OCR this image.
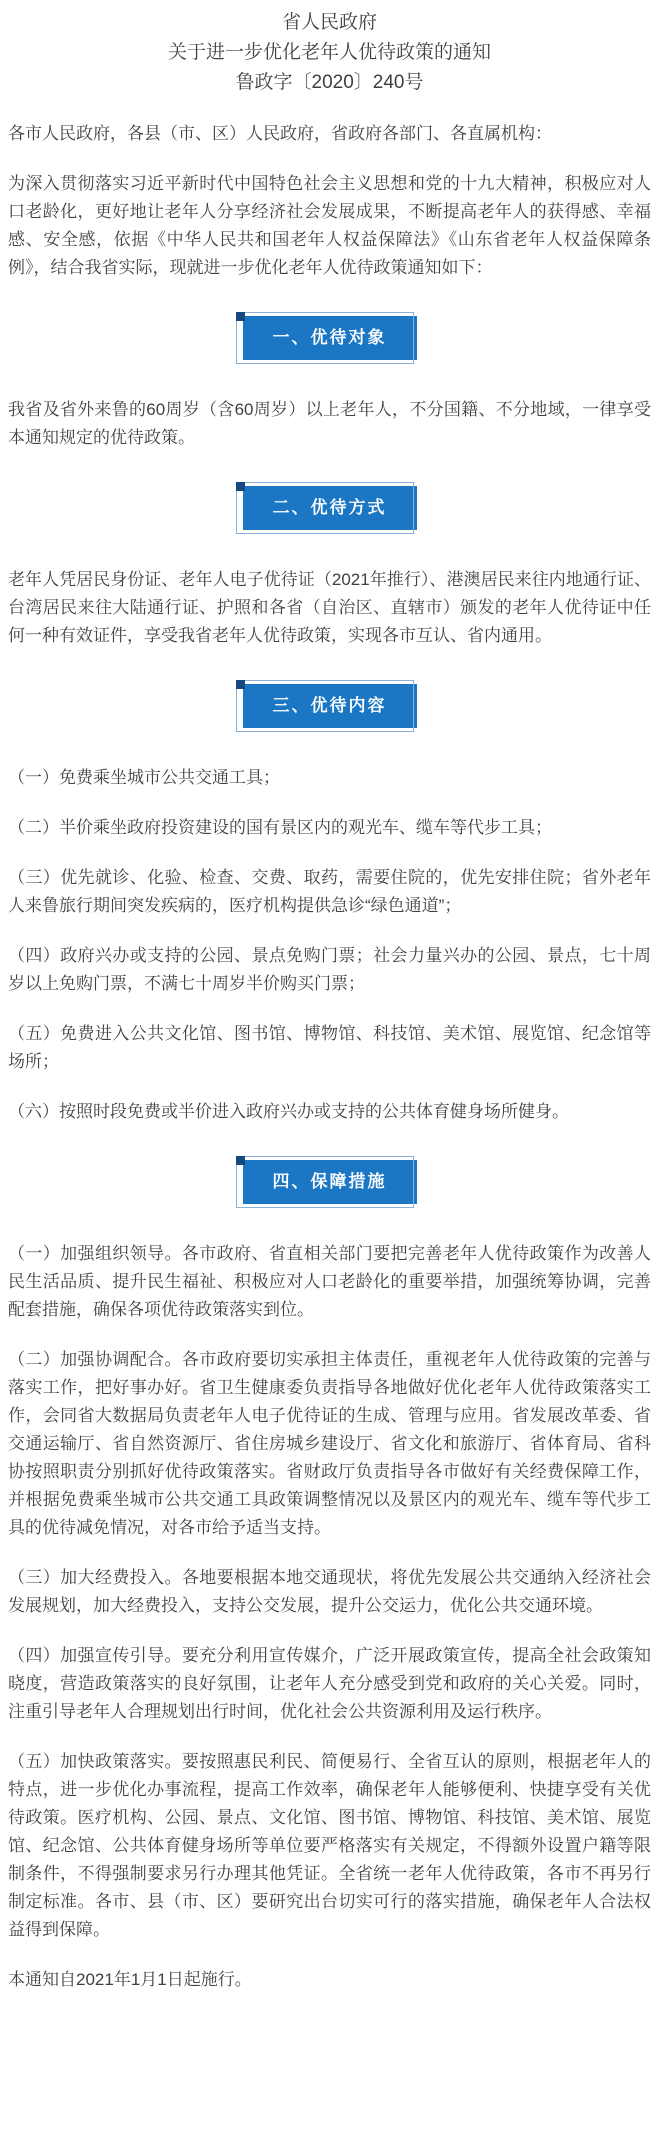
省人民政府
关于进一步优化老年人优待政策的通知
鲁政字〔2020〕240号

各市人民政府，各县（市、区）人民政府，省政府各部门、各直属机构：

为深入贯彻落实习近平新时代中国特色社会主义思想和党的十九大精神，积极应对人口老龄化，更好地让老年人分享经济社会发展成果，不断提高老年人的获得感、幸福感、安全感，依据《中华人民共和国老年人权益保障法》《山东省老年人权益保障条例》，结合我省实际，现就进一步优化老年人优待政策通知如下：

一、优待对象

我省及省外来鲁的60周岁（含60周岁）以上老年人，不分国籍、不分地域，一律享受本通知规定的优待政策。

二、优待方式

老年人凭居民身份证、老年人电子优待证（2021年推行）、港澳居民来往内地通行证、台湾居民来往大陆通行证、护照和各省（自治区、直辖市）颁发的老年人优待证中任何一种有效证件，享受我省老年人优待政策，实现各市互认、省内通用。

三、优待内容

（一）免费乘坐城市公共交通工具；

（二）半价乘坐政府投资建设的国有景区内的观光车、缆车等代步工具；

（三）优先就诊、化验、检查、交费、取药，需要住院的，优先安排住院；省外老年人来鲁旅行期间突发疾病的，医疗机构提供急诊“绿色通道”；

（四）政府兴办或支持的公园、景点免购门票；社会力量兴办的公园、景点，七十周岁以上免购门票，不满七十周岁半价购买门票；

（五）免费进入公共文化馆、图书馆、博物馆、科技馆、美术馆、展览馆、纪念馆等场所；

（六）按照时段免费或半价进入政府兴办或支持的公共体育健身场所健身。

四、保障措施

（一）加强组织领导。各市政府、省直相关部门要把完善老年人优待政策作为改善人民生活品质、提升民生福祉、积极应对人口老龄化的重要举措，加强统筹协调，完善配套措施，确保各项优待政策落实到位。

（二）加强协调配合。各市政府要切实承担主体责任，重视老年人优待政策的完善与落实工作，把好事办好。省卫生健康委负责指导各地做好优化老年人优待政策落实工作，会同省大数据局负责老年人电子优待证的生成、管理与应用。省发展改革委、省交通运输厅、省自然资源厅、省住房城乡建设厅、省文化和旅游厅、省体育局、省科协按照职责分别抓好优待政策落实。省财政厅负责指导各市做好有关经费保障工作，并根据免费乘坐城市公共交通工具政策调整情况以及景区内的观光车、缆车等代步工具的优待减免情况，对各市给予适当支持。

（三）加大经费投入。各地要根据本地交通现状，将优先发展公共交通纳入经济社会发展规划，加大经费投入，支持公交发展，提升公交运力，优化公共交通环境。

（四）加强宣传引导。要充分利用宣传媒介，广泛开展政策宣传，提高全社会政策知晓度，营造政策落实的良好氛围，让老年人充分感受到党和政府的关心关爱。同时，注重引导老年人合理规划出行时间，优化社会公共资源利用及运行秩序。

（五）加快政策落实。要按照惠民利民、简便易行、全省互认的原则，根据老年人的特点，进一步优化办事流程，提高工作效率，确保老年人能够便利、快捷享受有关优待政策。医疗机构、公园、景点、文化馆、图书馆、博物馆、科技馆、美术馆、展览馆、纪念馆、公共体育健身场所等单位要严格落实有关规定，不得额外设置户籍等限制条件，不得强制要求另行办理其他凭证。全省统一老年人优待政策，各市不再另行制定标准。各市、县（市、区）要研究出台切实可行的落实措施，确保老年人合法权益得到保障。

本通知自2021年1月1日起施行。
